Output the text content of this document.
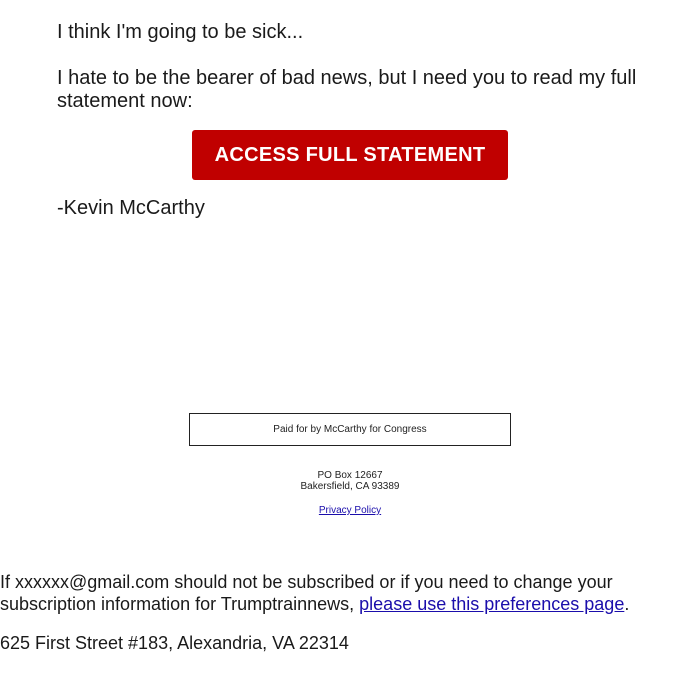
I think I'm going to be sick...

I hate to be the bearer of bad news, but I need you to read my full statement now:

ACCESS FULL STATEMENT

-Kevin McCarthy

Paid for by McCarthy for Congress
PO Box 12667
Bakersfield, CA 93389
Privacy Policy

If xxxxxx@gmail.com should not be subscribed or if you need to change your subscription information for Trumptrainnews, please use this preferences page.

625 First Street #183, Alexandria, VA 22314
